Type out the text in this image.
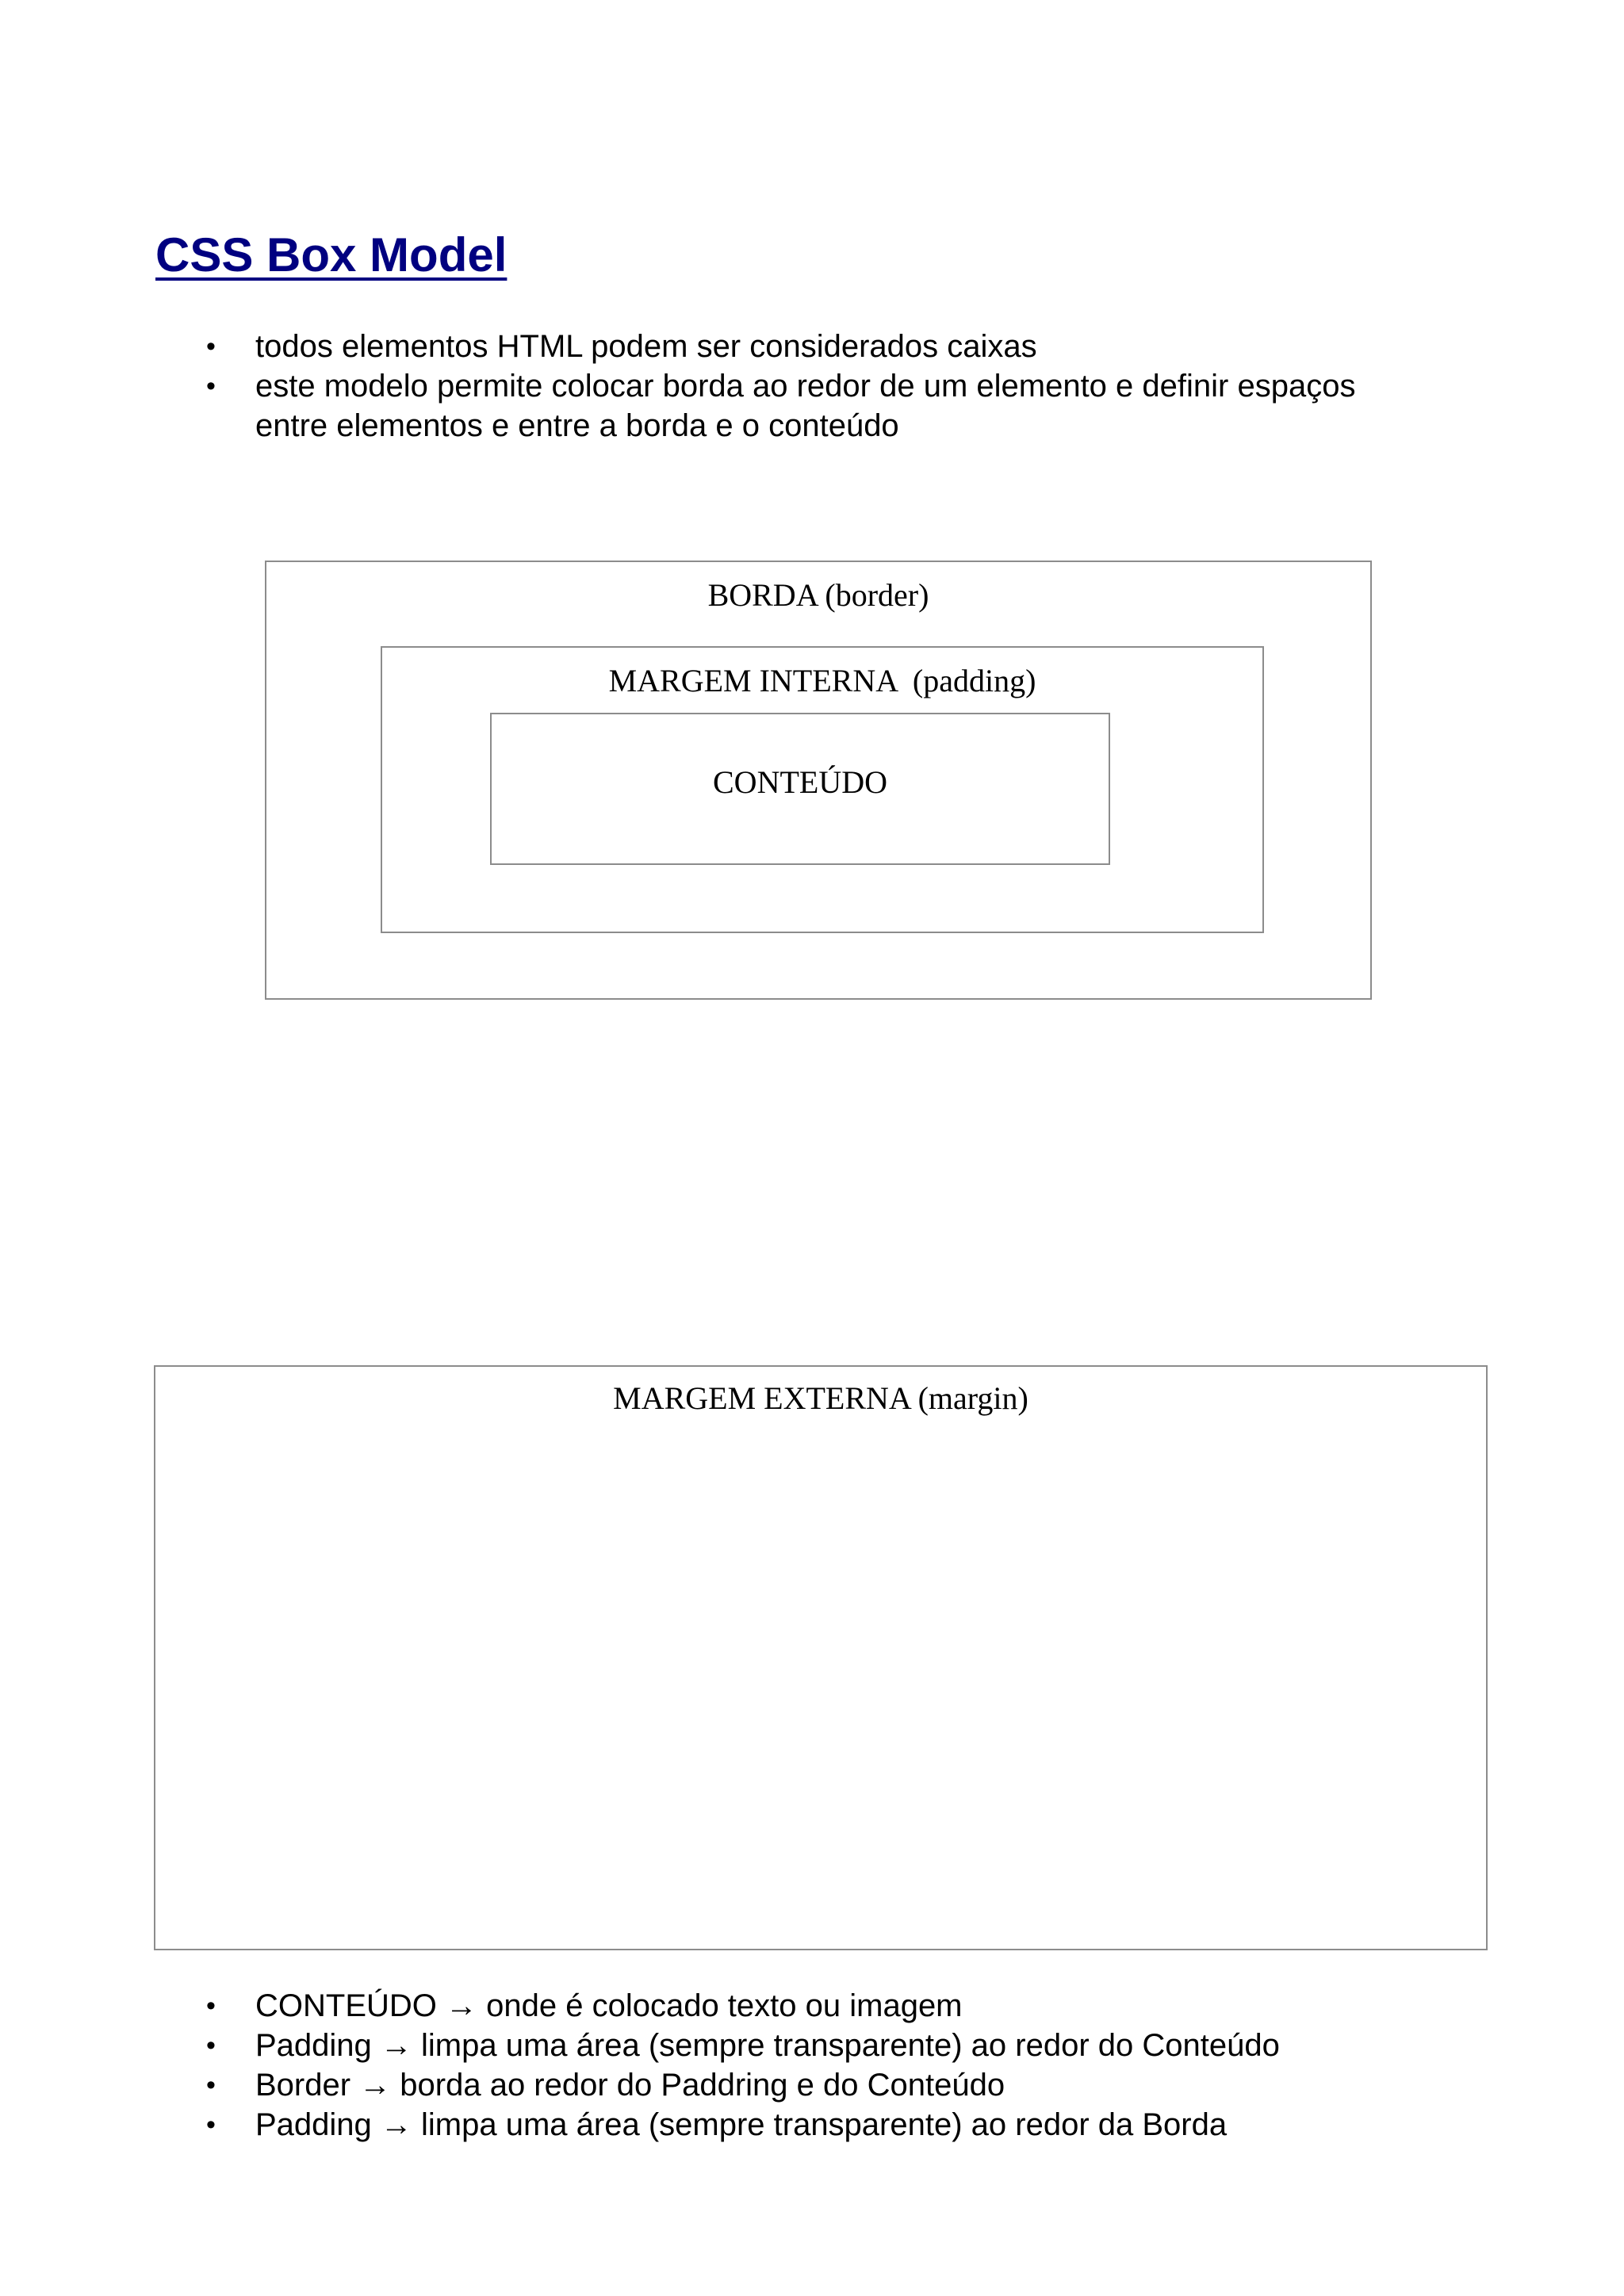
CSS Box Model
• todos elementos HTML podem ser considerados caixas
• este modelo permite colocar borda ao redor de um elemento e definir espaços entre elementos e entre a borda e o conteúdo
BORDA (border)
MARGEM INTERNA  (padding)
CONTEÚDO
MARGEM EXTERNA (margin)
• CONTEÚDO → onde é colocado texto ou imagem
• Padding → limpa uma área (sempre transparente) ao redor do Conteúdo
• Border → borda ao redor do Paddring e do Conteúdo
• Padding → limpa uma área (sempre transparente) ao redor da Borda
